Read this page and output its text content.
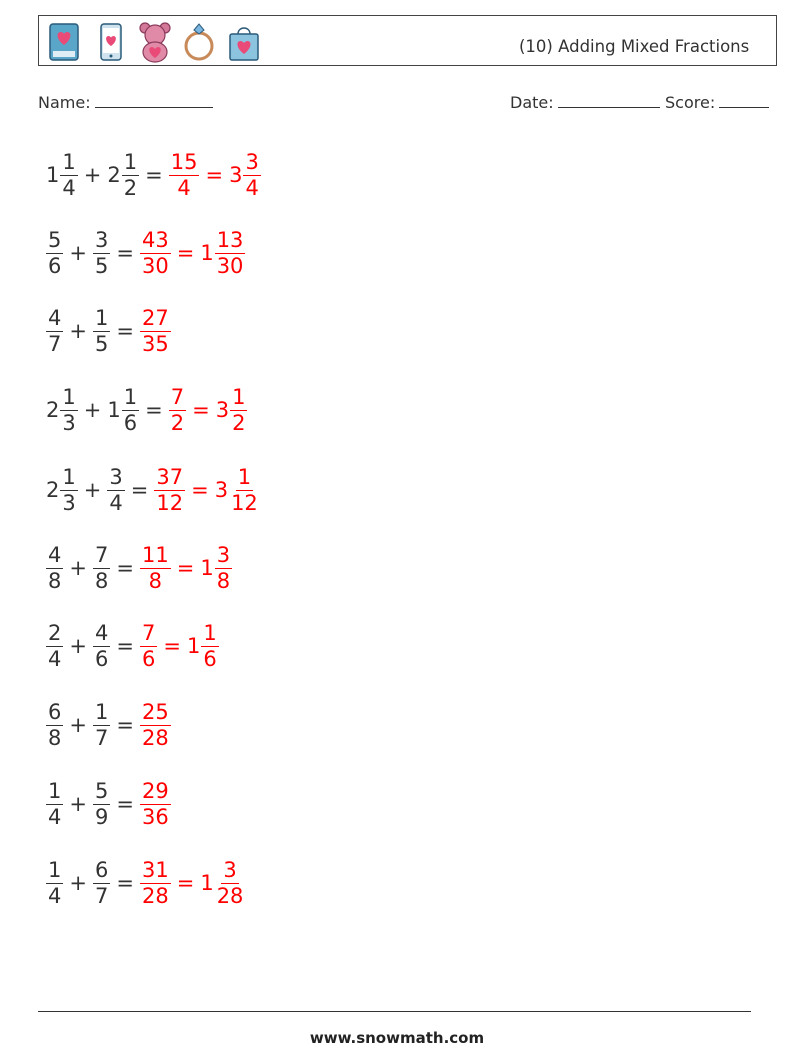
(10) Adding Mixed Fractions
Name:	Date:	Score:
$1 \frac{1}{4} + 2 \frac{1}{2} = \frac{15}{4} = 3 \frac{3}{4}$
$\frac{5}{6} + \frac{3}{5} = \frac{43}{30} = 1 \frac{13}{30}$
$\frac{4}{7} + \frac{1}{5} = \frac{27}{35}$
$2 \frac{1}{3} + 1 \frac{1}{6} = \frac{7}{2} = 3 \frac{1}{2}$
$2 \frac{1}{3} + \frac{3}{4} = \frac{37}{12} = 3 \frac{1}{12}$
$\frac{4}{8} + \frac{7}{8} = \frac{11}{8} = 1 \frac{3}{8}$
$\frac{2}{4} + \frac{4}{6} = \frac{7}{6} = 1 \frac{1}{6}$
$\frac{6}{8} + \frac{1}{7} = \frac{25}{28}$
$\frac{1}{4} + \frac{5}{9} = \frac{29}{36}$
$\frac{1}{4} + \frac{6}{7} = \frac{31}{28} = 1 \frac{3}{28}$
www.snowmath.com
